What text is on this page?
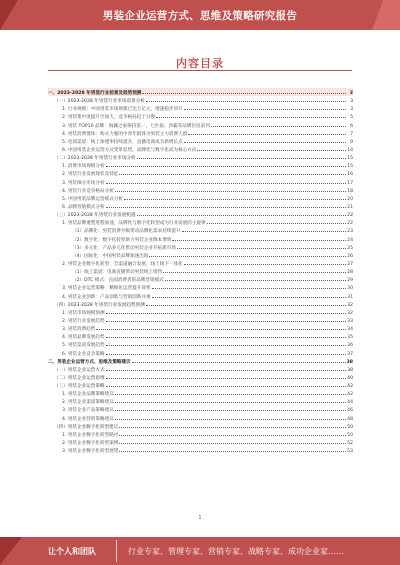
男装企业运营方式、思维及策略研究报告
内容目录
一、2023-2028 年男装行业前景及趋势预测	3
（一）2023-2028 年男装行业市场前景分析	3
1. 行业规模：中国男装市场规模已达万亿元，增速稳步回升	3
2. 男装集中度提升空间大，竞争格局趋于分散	5
3. 男装 TOP10 品牌：海澜之家保持第一，七匹狼、劲霸等品牌位居前列	6
4. 男装消费群体：购买力强的中青年群体为男装主力消费人群	7
5. 电商渠道：线上渗透率持续提升，直播电商成为新增长点	9
6. 中国男装企业运营方式变革趋势，品牌化与数字化成为核心方向	14
（二）2023-2028 年男装行业市场分析	15
1. 消费市场规模分析	15
2. 男装行业发展现状及特征	16
3. 男装细分市场分析	17
4. 男装行业竞争格局分析	18
5. 中国男装品牌运营模式分析	20
6. 品牌营销模式分析	21
（三）2023-2028 年男装行业发展机遇	22
1. 男装品牌重塑进程加速，品牌化与数字化转型成为行业发展的主旋律	22
（1）品牌化：男装消费升级带动品牌化需求持续提升	23
（2）数字化：数字化转型助力男装企业降本增效	24
（3）多元化：产品多元化带动男装企业开拓新市场	25
（4）国际化：中国男装品牌加速出海	26
2. 男装企业数字化转型：全渠道融合发展，线上线下一体化	27
（1）线上渠道：电商直播带动男装线上销售	28
（2）DTC 模式：直面消费者的品牌营销模式	29
3. 男装企业运营策略：精细化运营提升效率	30
4. 男装企业创新：产品创新与营销创新并重	31
（四）2023-2028 年男装行业发展趋势预测	32
1. 男装市场规模预测	32
2. 男装行业发展趋势	33
3. 男装消费趋势	34
4. 男装品牌发展趋势	35
5. 男装渠道发展趋势	36
6. 男装企业竞争策略	37
二、男装企业运营方式、思维及策略建议	38
（一）男装企业运营方式	38
（二）男装企业运营思维	40
（三）男装企业运营策略	42
1. 男装企业品牌策略建议	42
2. 男装企业渠道策略建议	44
3. 男装企业产品策略建议	46
4. 男装企业营销策略建议	48
（四）男装企业数字化转型建议	50
1. 男装企业数字化转型路径	50
2. 男装企业数字化转型案例	52
3. 男装企业数字化转型展望	53
1
让个人和团队	行业专家、管理专家、营销专家、战略专家、成功企业家……
